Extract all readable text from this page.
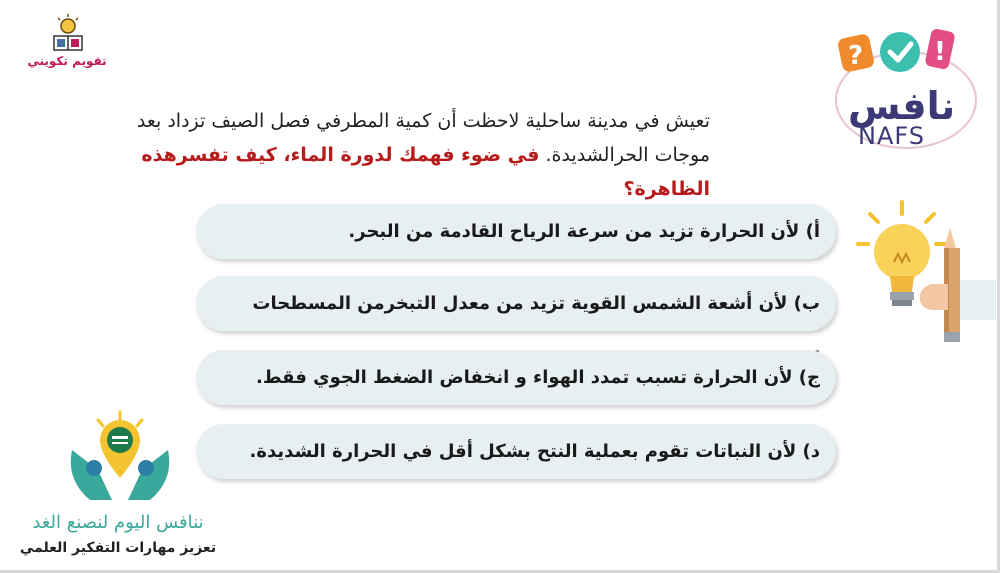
تقويم تكويني	?	!
نافس
NAFS
تعيش في مدينة ساحلية لاحظت أن كمية المطرفي فصل الصيف تزداد بعد
موجات الحرالشديدة. في ضوء فهمك لدورة الماء، كيف تفسرهذه الظاهرة؟
أ) لأن الحرارة تزيد من سرعة الرياح القادمة من البحر.
ب) لأن أشعة الشمس القوية تزيد من معدل التبخرمن المسطحات
ج) لأن الحرارة تسبب تمدد الهواء و انخفاض الضغط الجوي فقط.
د) لأن النباتات تقوم بعملية النتح بشكل أقل في الحرارة الشديدة.
ننافس اليوم لنصنع الغد
تعزيز مهارات التفكير العلمي
